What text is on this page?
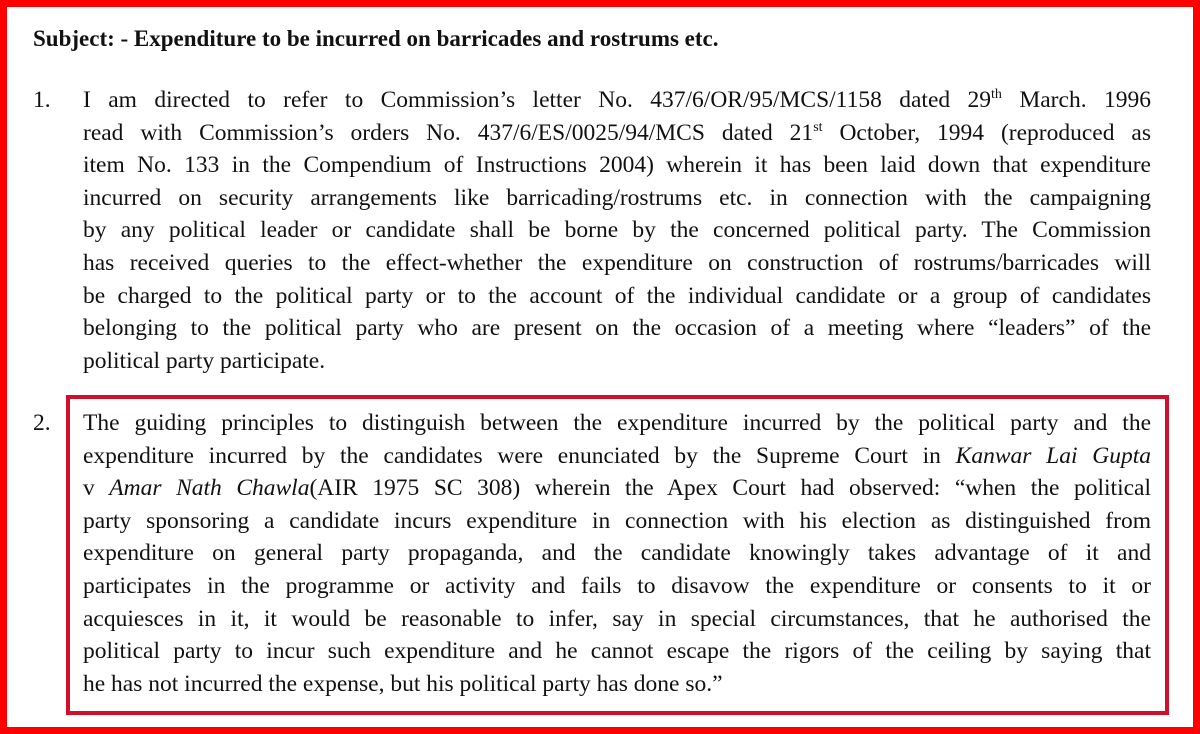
Subject: - Expenditure to be incurred on barricades and rostrums etc.
1. I am directed to refer to Commission’s letter No. 437/6/OR/95/MCS/1158 dated 29th March. 1996
read with Commission’s orders No. 437/6/ES/0025/94/MCS dated 21st October, 1994 (reproduced as
item No. 133 in the Compendium of Instructions 2004) wherein it has been laid down that expenditure
incurred on security arrangements like barricading/rostrums etc. in connection with the campaigning
by any political leader or candidate shall be borne by the concerned political party. The Commission
has received queries to the effect-whether the expenditure on construction of rostrums/barricades will
be charged to the political party or to the account of the individual candidate or a group of candidates
belonging to the political party who are present on the occasion of a meeting where “leaders” of the
political party participate.
2. The guiding principles to distinguish between the expenditure incurred by the political party and the
expenditure incurred by the candidates were enunciated by the Supreme Court in Kanwar Lai Gupta
v Amar Nath Chawla(AIR 1975 SC 308) wherein the Apex Court had observed: “when the political
party sponsoring a candidate incurs expenditure in connection with his election as distinguished from
expenditure on general party propaganda, and the candidate knowingly takes advantage of it and
participates in the programme or activity and fails to disavow the expenditure or consents to it or
acquiesces in it, it would be reasonable to infer, say in special circumstances, that he authorised the
political party to incur such expenditure and he cannot escape the rigors of the ceiling by saying that
he has not incurred the expense, but his political party has done so.”
